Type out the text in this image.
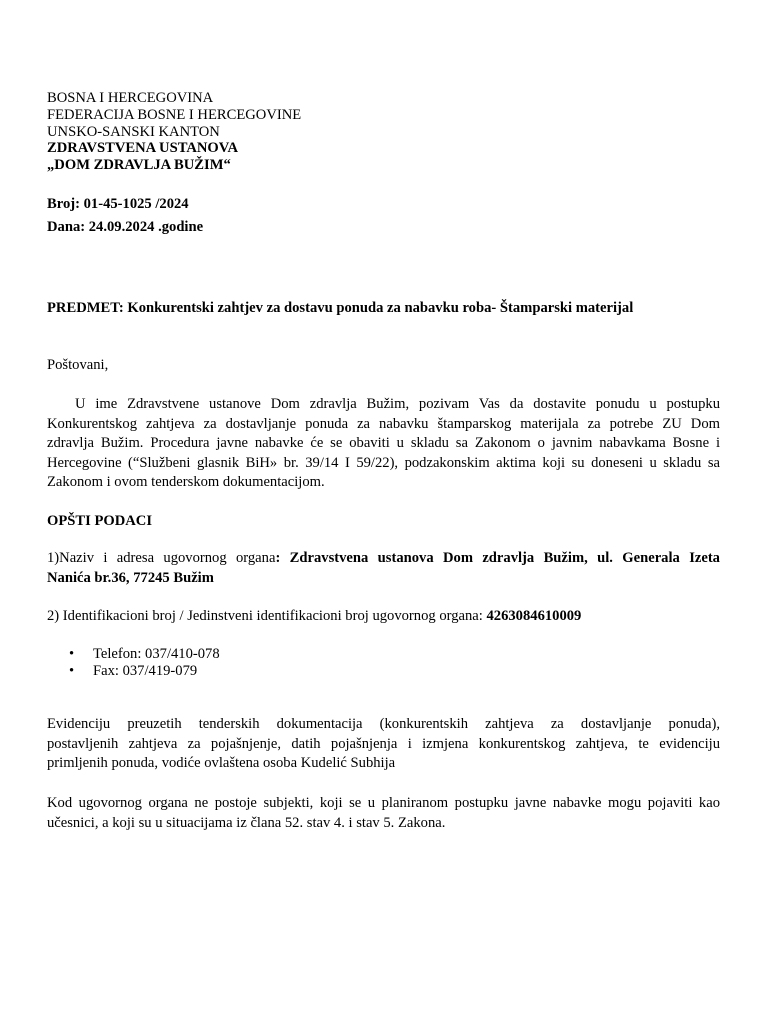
BOSNA I HERCEGOVINA
FEDERACIJA BOSNE I HERCEGOVINE
UNSKO-SANSKI KANTON
ZDRAVSTVENA USTANOVA
„DOM ZDRAVLJA BUŽIM“
Broj: 01-45-1025 /2024
Dana: 24.09.2024 .godine
PREDMET: Konkurentski zahtjev za dostavu ponuda za nabavku roba- Štamparski materijal
Poštovani,
U ime Zdravstvene ustanove Dom zdravlja Bužim, pozivam Vas da dostavite ponudu u postupku
Konkurentskog zahtjeva za dostavljanje ponuda za nabavku štamparskog materijala za potrebe ZU Dom
zdravlja Bužim. Procedura javne nabavke će se obaviti u skladu sa Zakonom o javnim nabavkama Bosne i
Hercegovine (“Službeni glasnik BiH» br. 39/14 I 59/22), podzakonskim aktima koji su doneseni u skladu sa
Zakonom i ovom tenderskom dokumentacijom.
OPŠTI PODACI
1)Naziv i adresa ugovornog organa: Zdravstvena ustanova Dom zdravlja Bužim, ul. Generala Izeta
Nanića br.36, 77245 Bužim
2) Identifikacioni broj / Jedinstveni identifikacioni broj ugovornog organa: 4263084610009
• Telefon: 037/410-078
• Fax: 037/419-079
Evidenciju preuzetih tenderskih dokumentacija (konkurentskih zahtjeva za dostavljanje ponuda),
postavljenih zahtjeva za pojašnjenje, datih pojašnjenja i izmjena konkurentskog zahtjeva, te evidenciju
primljenih ponuda, vodiće ovlaštena osoba Kudelić Subhija
Kod ugovornog organa ne postoje subjekti, koji se u planiranom postupku javne nabavke mogu pojaviti kao
učesnici, a koji su u situacijama iz člana 52. stav 4. i stav 5. Zakona.
